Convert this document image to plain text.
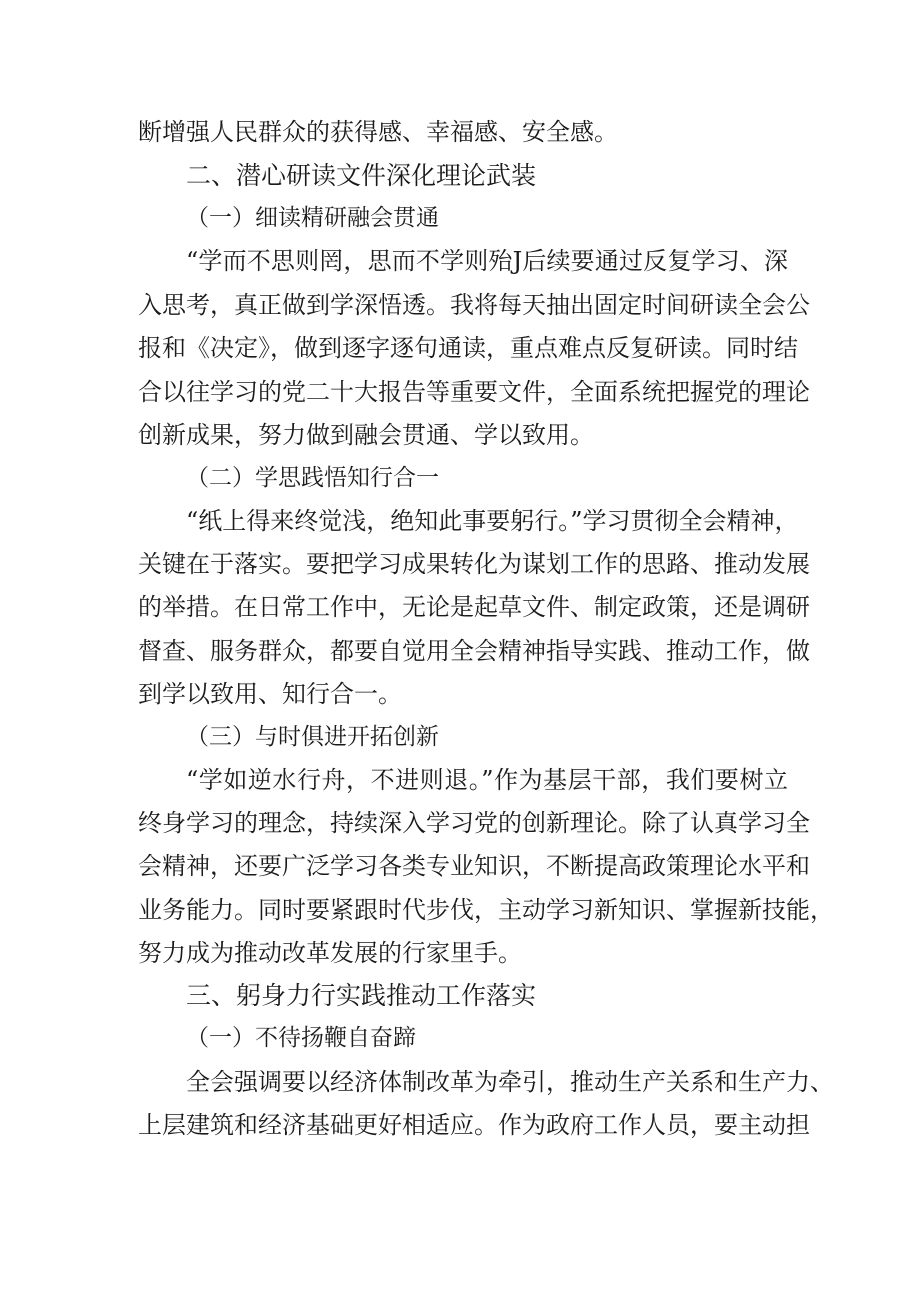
断增强人民群众的获得感、幸福感、安全感。
二、潜心研读文件深化理论武装
（一）细读精研融会贯通
“学而不思则罔，思而不学则殆J后续要通过反复学习、深
入思考，真正做到学深悟透。我将每天抽出固定时间研读全会公
报和《决定》，做到逐字逐句通读，重点难点反复研读。同时结
合以往学习的党二十大报告等重要文件，全面系统把握党的理论
创新成果，努力做到融会贯通、学以致用。
（二）学思践悟知行合一
“纸上得来终觉浅，绝知此事要躬行。”学习贯彻全会精神，
关键在于落实。要把学习成果转化为谋划工作的思路、推动发展
的举措。在日常工作中，无论是起草文件、制定政策，还是调研
督查、服务群众，都要自觉用全会精神指导实践、推动工作，做
到学以致用、知行合一。
（三）与时俱进开拓创新
“学如逆水行舟，不进则退。”作为基层干部，我们要树立
终身学习的理念，持续深入学习党的创新理论。除了认真学习全
会精神，还要广泛学习各类专业知识，不断提高政策理论水平和
业务能力。同时要紧跟时代步伐，主动学习新知识、掌握新技能，
努力成为推动改革发展的行家里手。
三、躬身力行实践推动工作落实
（一）不待扬鞭自奋蹄
全会强调要以经济体制改革为牵引，推动生产关系和生产力、
上层建筑和经济基础更好相适应。作为政府工作人员，要主动担
